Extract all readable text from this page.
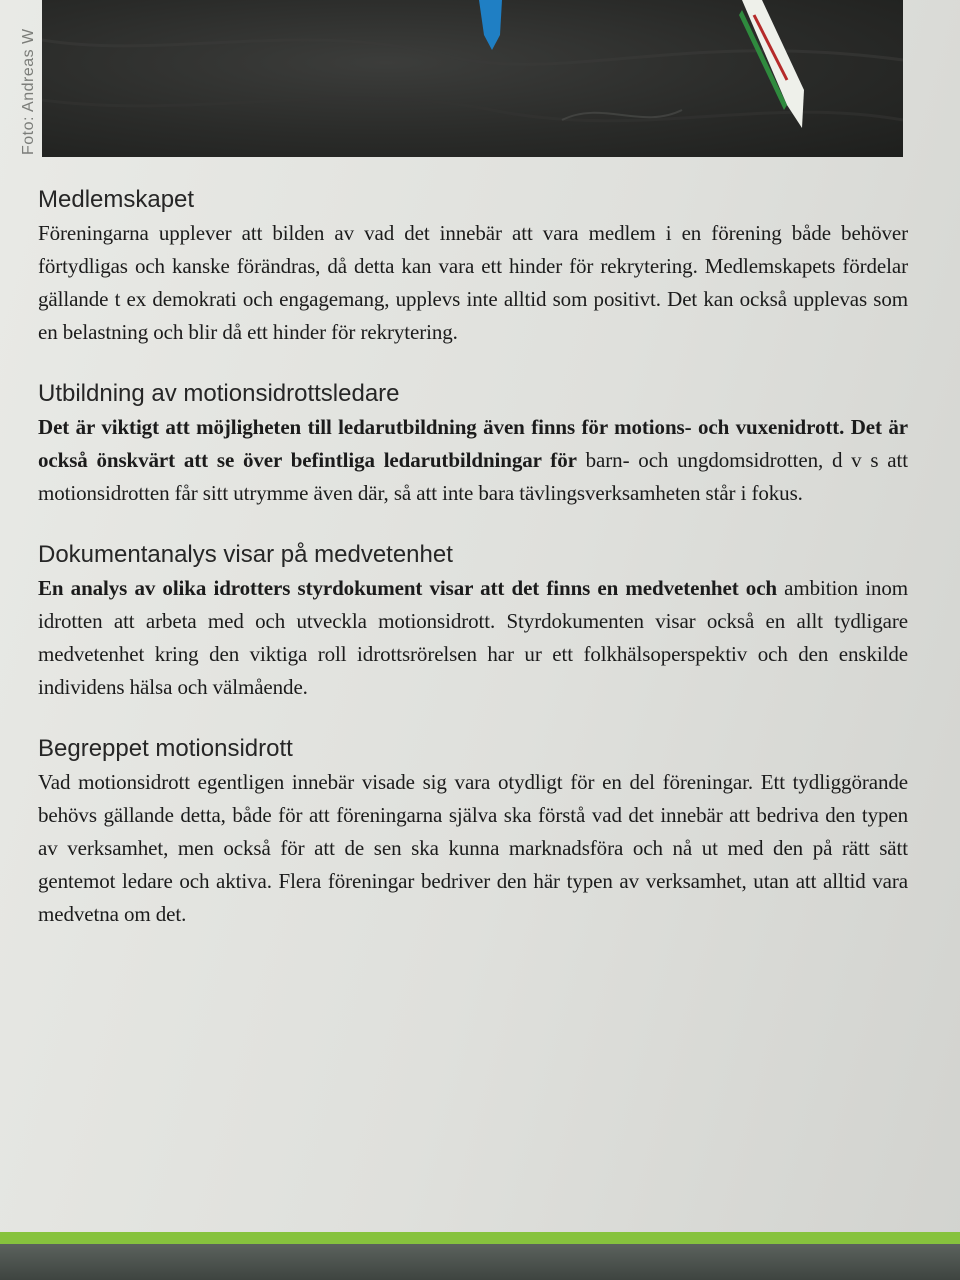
Foto: Andreas W
Medlemskapet

Föreningarna upplever att bilden av vad det innebär att vara medlem i en förening både behöver förtydligas och kanske förändras, då detta kan vara ett hinder för rekrytering. Medlemskapets fördelar gällande t ex demokrati och engagemang, upplevs inte alltid som positivt. Det kan också upplevas som en belastning och blir då ett hinder för rekrytering.

Utbildning av motionsidrottsledare

Det är viktigt att möjligheten till ledarutbildning även finns för motions- och vuxenidrott. Det är också önskvärt att se över befintliga ledarutbildningar för barn- och ungdomsidrotten, d v s att motionsidrotten får sitt utrymme även där, så att inte bara tävlingsverksamheten står i fokus.

Dokumentanalys visar på medvetenhet

En analys av olika idrotters styrdokument visar att det finns en medvetenhet och ambition inom idrotten att arbeta med och utveckla motionsidrott. Styrdokumenten visar också en allt tydligare medvetenhet kring den viktiga roll idrottsrörelsen har ur ett folkhälsoperspektiv och den enskilde individens hälsa och välmående.

Begreppet motionsidrott

Vad motionsidrott egentligen innebär visade sig vara otydligt för en del föreningar. Ett tydliggörande behövs gällande detta, både för att föreningarna själva ska förstå vad det innebär att bedriva den typen av verksamhet, men också för att de sen ska kunna marknadsföra och nå ut med den på rätt sätt gentemot ledare och aktiva. Flera föreningar bedriver den här typen av verksamhet, utan att alltid vara medvetna om det.
